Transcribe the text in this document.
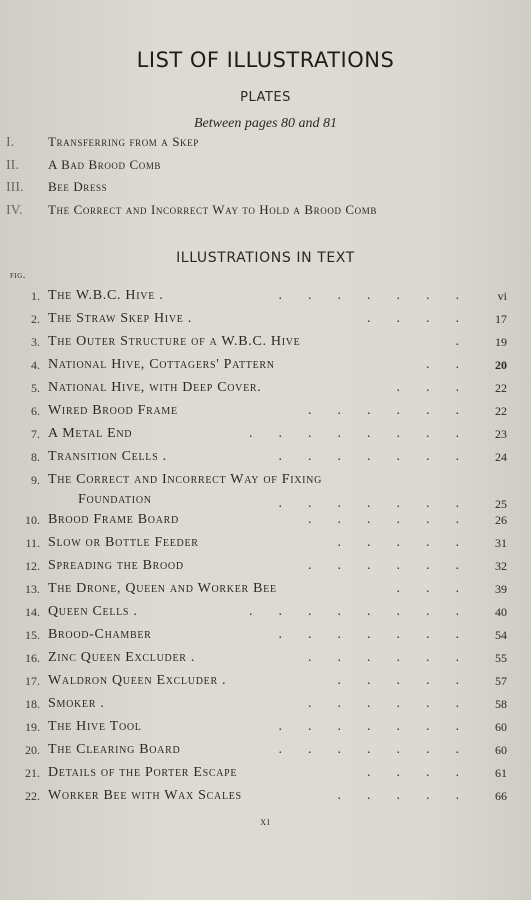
LIST OF ILLUSTRATIONS
PLATES
Between pages 80 and 81
I.	Transferring from a Skep
II. A Bad Brood Comb
III. Bee Dress
IV. The Correct and Incorrect Way to Hold a Brood Comb
ILLUSTRATIONS IN TEXT
fig.
1. The W.B.C. Hive .	.......	vi
2. The Straw Skep Hive .	.... 17
3. The Outer Structure of a W.B.C. Hive	. 19
4. National Hive, Cottagers' Pattern	.. 20
5. National Hive, with Deep Cover.	... 22
6. Wired Brood Frame	...... 22
7. A Metal End	........ 23
8. Transition Cells .	....... 24
9. The Correct and Incorrect Way of Fixing
Foundation	....... 25
10. Brood Frame Board	...... 26
11. Slow or Bottle Feeder	..... 31
12. Spreading the Brood	...... 32
13. The Drone, Queen and Worker Bee	... 39
14. Queen Cells .	........ 40
15. Brood-Chamber	....... 54
16. Zinc Queen Excluder .	...... 55
17. Waldron Queen Excluder .	..... 57
18. Smoker .	...... 58
19. The Hive Tool	....... 60
20. The Clearing Board	....... 60
21. Details of the Porter Escape	.... 61
22. Worker Bee with Wax Scales	..... 66
xi
